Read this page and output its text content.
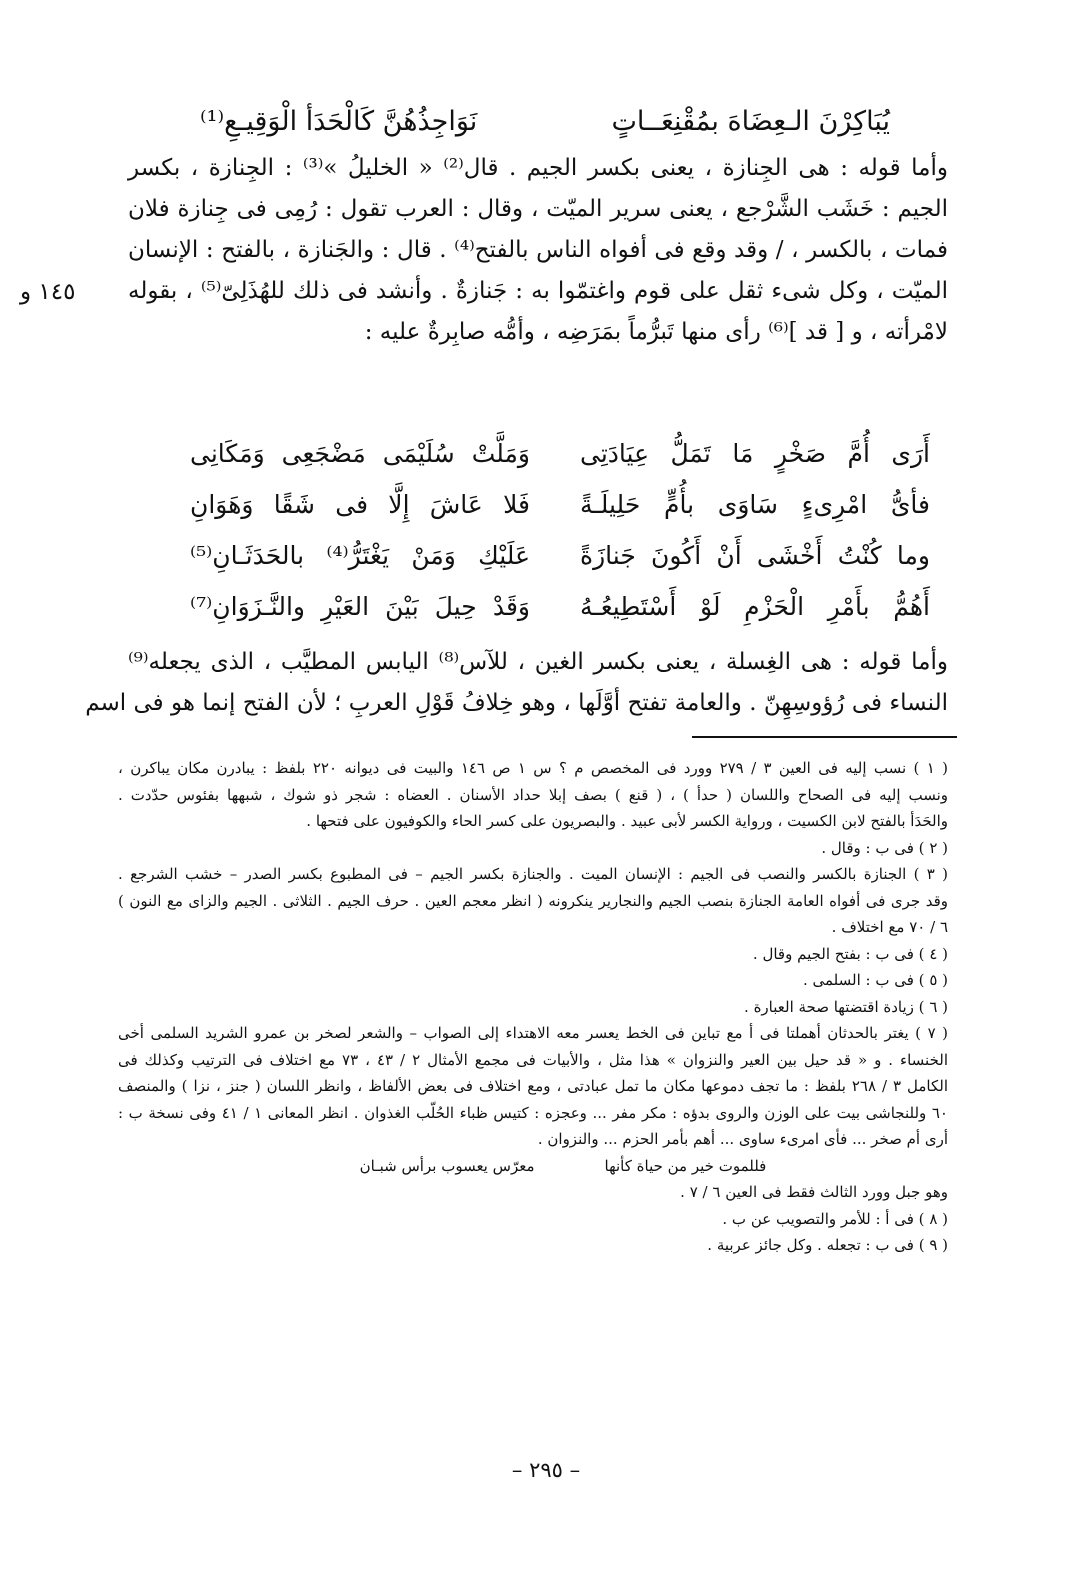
يُبَاكِرْنَ الـعِضَاهَ بمُقْنِعَــاتٍ
نَوَاجِذُهُنَّ كَالْحَدَأ الْوَقِيـعِ⁽¹⁾
وأما قوله : هى الجِنازة ، يعنى بكسر الجيم . قال⁽²⁾ « الخليلُ »⁽³⁾ : الجِنازة ، بكسر
الجيم : خَشَب الشَّرْجع ، يعنى سرير الميّت ، وقال : العرب تقول : رُمِى فى جِنازة فلان
فمات ، بالكسر ، / وقد وقع فى أفواه الناس بالفتح⁽⁴⁾ . قال : والجَنازة ، بالفتح : الإنسان
الميّت ، وكل شىء ثقل على قوم واغتمّوا به : جَنازةٌ . وأنشد فى ذلك للهُذَلِىّ⁽⁵⁾ ، بقوله
لامْرأته ، و [ قد ]⁽⁶⁾ رأى منها تَبرُّماً بمَرَضِه ، وأمُّه صابِرةٌ عليه :
١٤٥ و
أَرَى أُمَّ صَخْرٍ مَا تَمَلُّ عِيَادَتِى
وَمَلَّتْ سُلَيْمَى مَضْجَعِى وَمَكَانِى
فأىُّ امْرِىءٍ سَاوَى بأُمٍّ حَلِيلَـةً
فَلا عَاشَ إِلَّا فى شَقًا وَهَوَانِ
وما كُنْتُ أَخْشَى أَنْ أَكُونَ جَنازَةً
عَلَيْكِ وَمَنْ يَغْتَرُّ⁽⁴⁾ بالحَدَثَـانِ⁽⁵⁾
أَهُمُّ بأَمْرِ الْحَزْمِ لَوْ أَسْتَطِيعُـهُ
وَقَدْ حِيلَ بَيْنَ العَيْرِ والنَّـزَوَانِ⁽⁷⁾
وأما قوله : هى الغِسلة ، يعنى بكسر الغين ، للآس⁽⁸⁾ اليابس المطيَّب ، الذى يجعله⁽⁹⁾
النساء فى رُؤوسِهِنّ . والعامة تفتح أوَّلَها ، وهو خِلافُ قَوْلِ العربِ ؛ لأن الفتح إنما هو فى اسم
( ١ ) نسب إليه فى العين ٣ / ٢٧٩ وورد فى المخصص م ؟ س ١ ص ١٤٦ والبيت فى ديوانه ٢٢٠ بلفظ : يبادرن مكان يباكرن ،
ونسب إليه فى الصحاح واللسان ( حدأ ) ، ( قنع ) بصف إبلا حداد الأسنان . العضاه : شجر ذو شوك ، شبهها بفئوس حدّدت .
والحَدَأ بالفتح لابن الكسيت ، ورواية الكسر لأبى عبيد . والبصريون على كسر الحاء والكوفيون على فتحها .
( ٢ ) فى ب : وقال .
( ٣ ) الجنازة بالكسر والنصب فى الجيم : الإنسان الميت . والجنازة بكسر الجيم – فى المطبوع بكسر الصدر – خشب الشرجع .
وقد جرى فى أفواه العامة الجنازة بنصب الجيم والنجارير ينكرونه ( انظر معجم العين . حرف الجيم . الثلاثى . الجيم والزاى مع النون )
٦ / ٧٠ مع اختلاف .
( ٤ ) فى ب : بفتح الجيم وقال .
( ٥ ) فى ب : السلمى .
( ٦ ) زيادة اقتضتها صحة العبارة .
( ٧ ) يغتر بالحدثان أهملتا فى أ مع تباين فى الخط يعسر معه الاهتداء إلى الصواب – والشعر لصخر بن عمرو الشريد السلمى أخى
الخنساء . و « قد حيل بين العير والنزوان » هذا مثل ، والأبيات فى مجمع الأمثال ٢ / ٤٣ ، ٧٣ مع اختلاف فى الترتيب وكذلك فى
الكامل ٣ / ٢٦٨ بلفظ : ما تجف دموعها مكان ما تمل عبادتى ، ومع اختلاف فى بعض الألفاظ ، وانظر اللسان ( جنز ، نزا ) والمنصف
٦٠ وللنجاشى بيت على الوزن والروى بدؤه : مكر مفر ... وعجزه : كتيس ظباء الحُلّب الغذوان . انظر المعانى ١ / ٤١ وفى نسخة ب :
أرى أم صخر ... فأى امرىء ساوى ... أهم بأمر الحزم ... والنزوان .
فللموت خير من حياة كأنها
معرّس يعسوب برأس شبـان
وهو جبل وورد الثالث فقط فى العين ٦ / ٧ .
( ٨ ) فى أ : للأمر والتصويب عن ب .
( ٩ ) فى ب : تجعله . وكل جائز عربية .
– ٢٩٥ –
